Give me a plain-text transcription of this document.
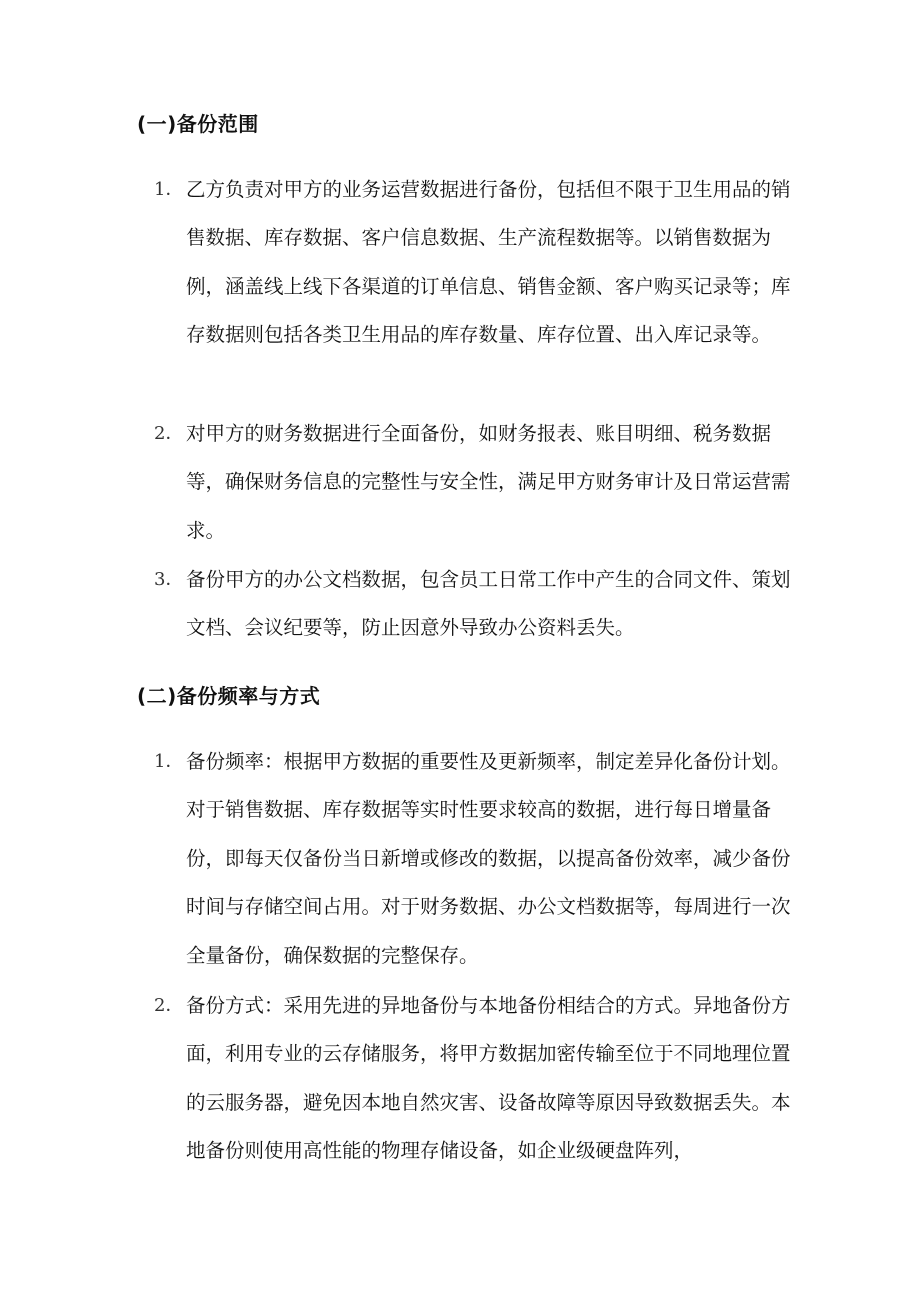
(一)备份范围
1． 乙方负责对甲方的业务运营数据进行备份，包括但不限于卫生用品的销售数据、库存数据、客户信息数据、生产流程数据等。以销售数据为例，涵盖线上线下各渠道的订单信息、销售金额、客户购买记录等；库存数据则包括各类卫生用品的库存数量、库存位置、出入库记录等。
2． 对甲方的财务数据进行全面备份，如财务报表、账目明细、税务数据等，确保财务信息的完整性与安全性，满足甲方财务审计及日常运营需求。
3． 备份甲方的办公文档数据，包含员工日常工作中产生的合同文件、策划文档、会议纪要等，防止因意外导致办公资料丢失。
(二)备份频率与方式
1． 备份频率：根据甲方数据的重要性及更新频率，制定差异化备份计划。对于销售数据、库存数据等实时性要求较高的数据，进行每日增量备份，即每天仅备份当日新增或修改的数据，以提高备份效率，减少备份时间与存储空间占用。对于财务数据、办公文档数据等，每周进行一次全量备份，确保数据的完整保存。
2． 备份方式：采用先进的异地备份与本地备份相结合的方式。异地备份方面，利用专业的云存储服务，将甲方数据加密传输至位于不同地理位置的云服务器，避免因本地自然灾害、设备故障等原因导致数据丢失。本地备份则使用高性能的物理存储设备，如企业级硬盘阵列，
